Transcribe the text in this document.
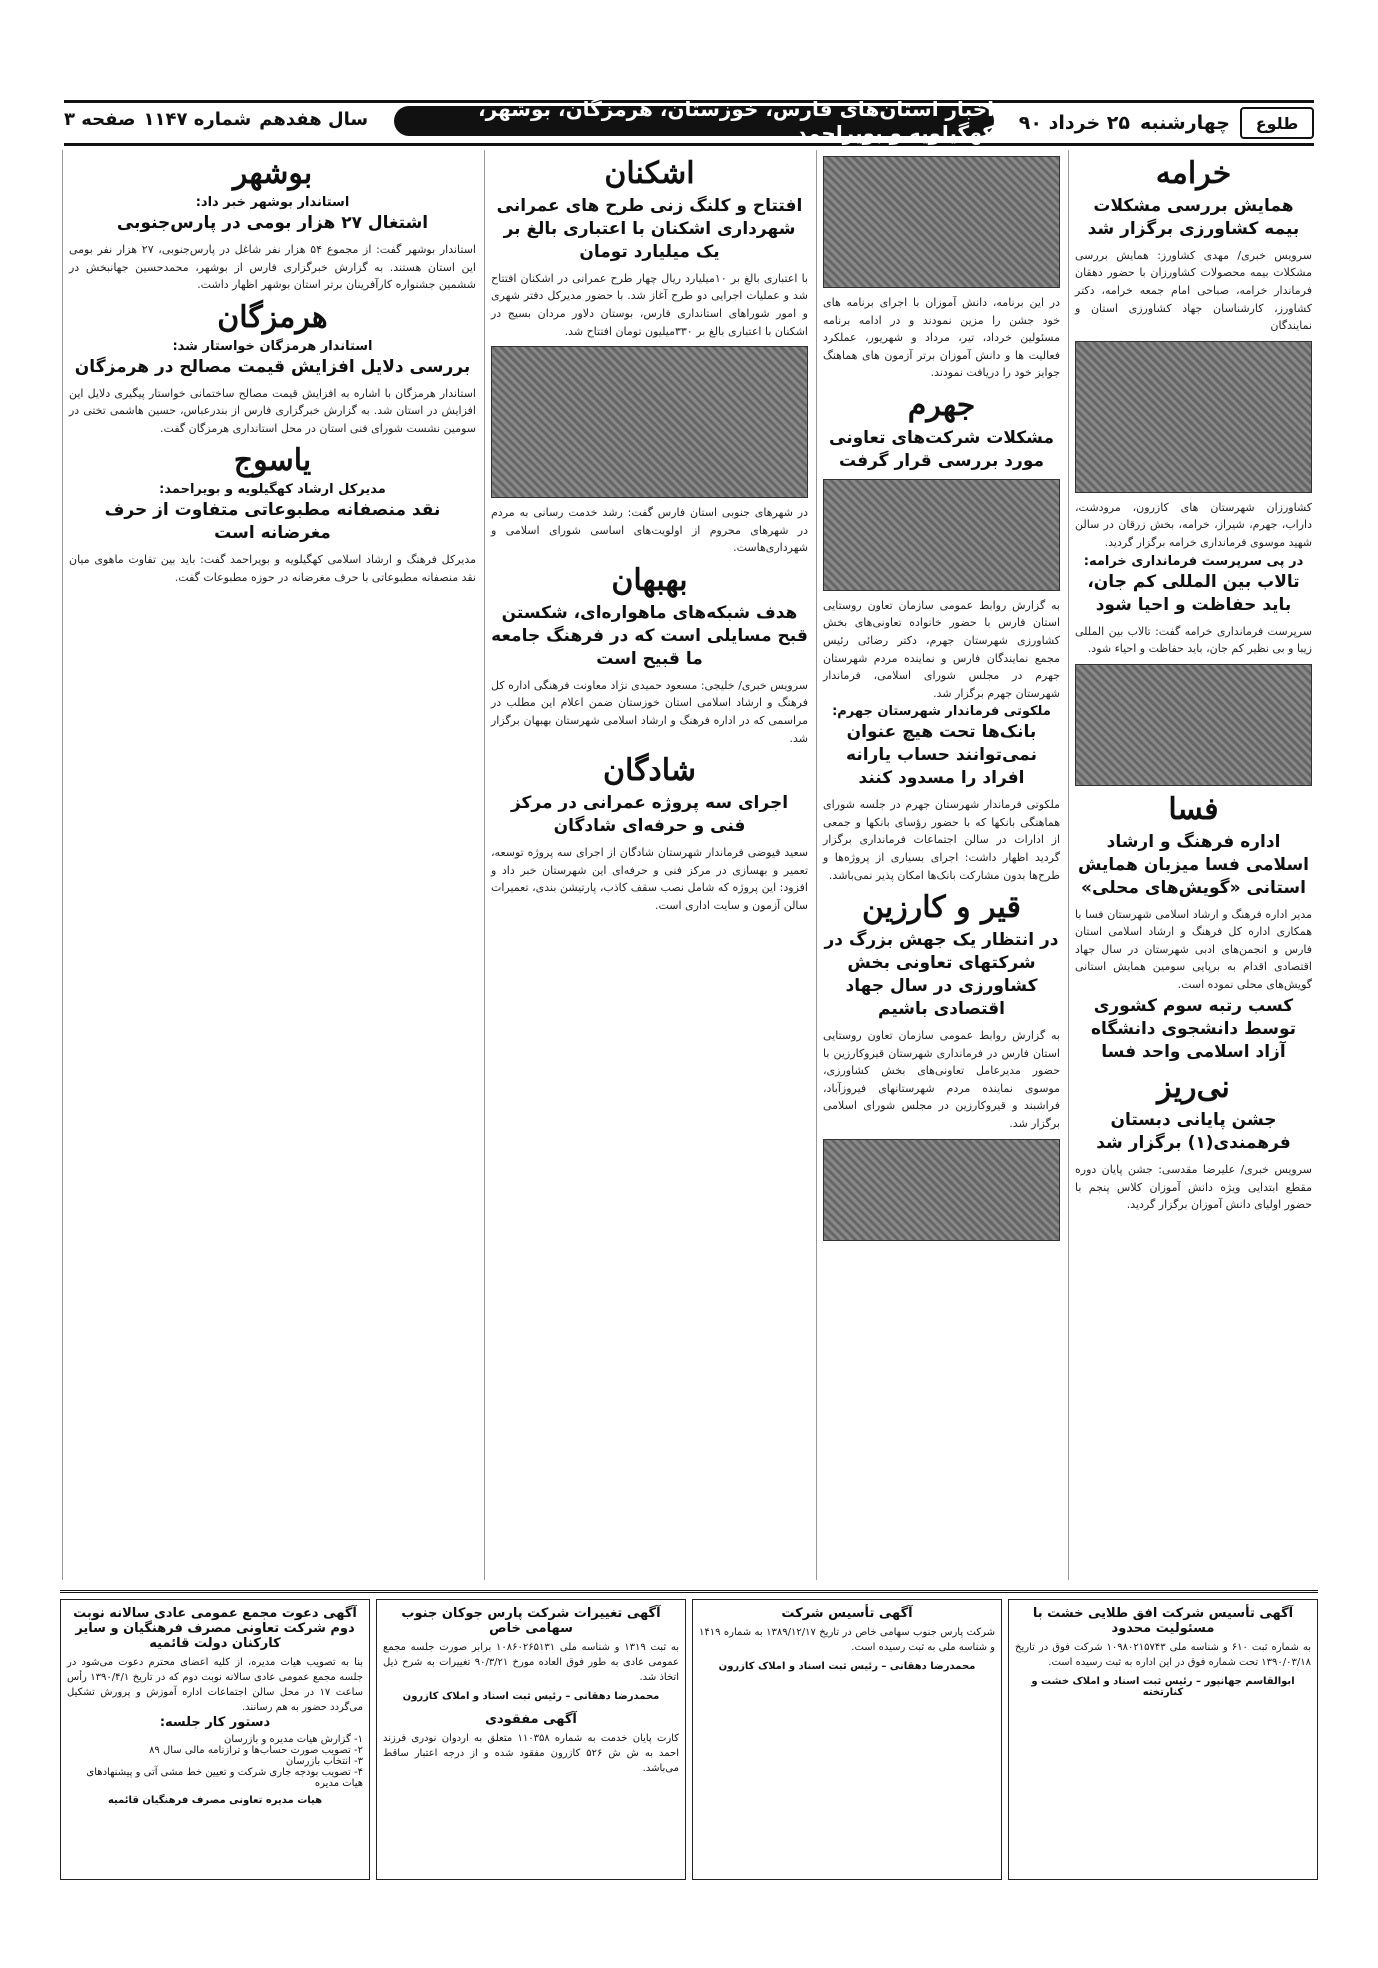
طلوع
چهارشنبه
۲۵ خرداد ۹۰
اخبار استان‌های فارس، خوزستان، هرمزگان، بوشهر، کهگیلویه و بویراحمد
سال هفدهم
شماره ۱۱۴۷
صفحه ۳
خرامه
همایش بررسی مشکلات بیمه کشاورزی برگزار شد
سرویس خبری/ مهدی کشاورز: همایش بررسی مشکلات بیمه محصولات کشاورزان با حضور دهقان فرماندار خرامه، صباحی امام جمعه خرامه، دکتر کشاورز، کارشناسان جهاد کشاورزی استان و نمایندگان
کشاورزان شهرستان های کازرون، مرودشت، داراب، جهرم، شیراز، خرامه، بخش زرقان در سالن شهید موسوی فرمانداری خرامه برگزار گردید.
در پی سرپرست فرمانداری خرامه:
تالاب بین المللی کم جان، باید حفاظت و احیا شود
سرپرست فرمانداری خرامه گفت: تالاب بین المللی زیبا و بی نظیر کم جان، باید حفاظت و احیاء شود.
فسا
اداره فرهنگ و ارشاد اسلامی فسا میزبان همایش استانی «گویش‌های محلی»
مدیر اداره فرهنگ و ارشاد اسلامی شهرستان فسا با همکاری اداره کل فرهنگ و ارشاد اسلامی استان فارس و انجمن‌های ادبی شهرستان در سال جهاد اقتصادی اقدام به برپایی سومین همایش استانی گویش‌های محلی نموده است.
کسب رتبه سوم کشوری توسط دانشجوی دانشگاه آزاد اسلامی واحد فسا
نی‌ریز
جشن پایانی دبستان فرهمندی(۱) برگزار شد
سرویس خبری/ علیرضا مقدسی: جشن پایان دوره مقطع ابتدایی ویژه دانش آموزان کلاس پنجم با حضور اولیای دانش آموزان برگزار گردید.
در این برنامه، دانش آموزان با اجرای برنامه های خود جشن را مزین نمودند و در ادامه برنامه مسئولین خرداد، تیر، مرداد و شهریور، عملکرد فعالیت ها و دانش آموزان برتر آزمون های هماهنگ جوایز خود را دریافت نمودند.
جهرم
مشکلات شرکت‌های تعاونی مورد بررسی قرار گرفت
به گزارش روابط عمومی سازمان تعاون روستایی استان فارس با حضور خانواده تعاونی‌های بخش کشاورزی شهرستان جهرم، دکتر رضائی رئیس مجمع نمایندگان فارس و نماینده مردم شهرستان جهرم در مجلس شورای اسلامی، فرماندار شهرستان جهرم برگزار شد.
ملکوتی فرماندار شهرستان جهرم:
بانک‌ها تحت هیچ عنوان نمی‌توانند حساب یارانه افراد را مسدود کنند
ملکوتی فرماندار شهرستان جهرم در جلسه شورای هماهنگی بانکها که با حضور رؤسای بانکها و جمعی از ادارات در سالن اجتماعات فرمانداری برگزار گردید اظهار داشت: اجرای بسیاری از پروژه‌ها و طرح‌ها بدون مشارکت بانک‌ها امکان پذیر نمی‌باشد.
قیر و کارزین
در انتظار یک جهش بزرگ در شرکتهای تعاونی بخش کشاورزی در سال جهاد اقتصادی باشیم
به گزارش روابط عمومی سازمان تعاون روستایی استان فارس در فرمانداری شهرستان قیروکارزین با حضور مدیرعامل تعاونی‌های بخش کشاورزی، موسوی نماینده مردم شهرستانهای فیروزآباد، فراشبند و قیروکارزین در مجلس شورای اسلامی برگزار شد.
اشکنان
افتتاح و کلنگ زنی طرح های عمرانی شهرداری اشکنان با اعتباری بالغ بر یک میلیارد تومان
با اعتباری بالغ بر ۱۰میلیارد ریال چهار طرح عمرانی در اشکنان افتتاح شد و عملیات اجرایی دو طرح آغاز شد. با حضور مدیرکل دفتر شهری و امور شوراهای استانداری فارس، بوستان دلاور مردان بسیج در اشکنان با اعتباری بالغ بر ۳۳۰میلیون تومان افتتاح شد.
در شهرهای جنوبی استان فارس گفت: رشد خدمت رسانی به مردم در شهرهای محروم از اولویت‌های اساسی شورای اسلامی و شهرداری‌هاست.
بهبهان
هدف شبکه‌های ماهواره‌ای، شکستن قبح مسایلی است که در فرهنگ جامعه ما قبیح است
سرویس خبری/ خلیجی: مسعود حمیدی نژاد معاونت فرهنگی اداره کل فرهنگ و ارشاد اسلامی استان خوزستان ضمن اعلام این مطلب در مراسمی که در اداره فرهنگ و ارشاد اسلامی شهرستان بهبهان برگزار شد.
شادگان
اجرای سه پروژه عمرانی در مرکز فنی و حرفه‌ای شادگان
سعید فیوضی فرماندار شهرستان شادگان از اجرای سه پروژه توسعه، تعمیر و بهسازی در مرکز فنی و حرفه‌ای این شهرستان خبر داد و افزود: این پروژه که شامل نصب سقف کاذب، پارتیشن بندی، تعمیرات سالن آزمون و سایت اداری است.
بوشهر
استاندار بوشهر خبر داد:
اشتغال ۲۷ هزار بومی در پارس‌جنوبی
استاندار بوشهر گفت: از مجموع ۵۴ هزار نفر شاغل در پارس‌جنوبی، ۲۷ هزار نفر بومی این استان هستند. به گزارش خبرگزاری فارس از بوشهر، محمدحسین جهانبخش در ششمین جشنواره کارآفرینان برتر استان بوشهر اظهار داشت.
هرمزگان
استاندار هرمزگان خواستار شد:
بررسی دلایل افزایش قیمت مصالح در هرمزگان
استاندار هرمزگان با اشاره به افزایش قیمت مصالح ساختمانی خواستار پیگیری دلایل این افزایش در استان شد. به گزارش خبرگزاری فارس از بندرعباس، حسین هاشمی تختی در سومین نشست شورای فنی استان در محل استانداری هرمزگان گفت.
یاسوج
مدیرکل ارشاد کهگیلویه و بویراحمد:
نقد منصفانه مطبوعاتی متفاوت از حرف مغرضانه است
مدیرکل فرهنگ و ارشاد اسلامی کهگیلویه و بویراحمد گفت: باید بین تفاوت ماهوی میان نقد منصفانه مطبوعاتی با حرف مغرضانه در حوزه مطبوعات گفت.
آگهی تأسیس شرکت افق طلایی خشت با مسئولیت محدود
به شماره ثبت ۶۱۰ و شناسه ملی ۱۰۹۸۰۲۱۵۷۴۳ شرکت فوق در تاریخ ۱۳۹۰/۰۳/۱۸ تحت شماره فوق در این اداره به ثبت رسیده است.
ابوالقاسم جهانپور – رئیس ثبت اسناد و املاک خشت و کنارتخته
آگهی تأسیس شرکت
شرکت پارس جنوب سهامی خاص در تاریخ ۱۳۸۹/۱۲/۱۷ به شماره ۱۴۱۹ و شناسه ملی به ثبت رسیده است.
محمدرضا دهقانی – رئیس ثبت اسناد و املاک کازرون
آگهی تغییرات شرکت پارس جوکان جنوب سهامی خاص
به ثبت ۱۳۱۹ و شناسه ملی ۱۰۸۶۰۲۶۵۱۳۱ برابر صورت جلسه مجمع عمومی عادی به طور فوق العاده مورخ ۹۰/۳/۲۱ تغییرات به شرح ذیل اتخاذ شد.
محمدرضا دهقانی – رئیس ثبت اسناد و املاک کازرون
آگهی مفقودی
کارت پایان خدمت به شماره ۱۱۰۳۵۸ متعلق به اردوان نودری فرزند احمد به ش ش ۵۲۶ کازرون مفقود شده و از درجه اعتبار ساقط می‌باشد.
آگهی دعوت مجمع عمومی عادی سالانه نوبت دوم شرکت تعاونی مصرف فرهنگیان و سایر کارکنان دولت قائمیه
بنا به تصویب هیات مدیره، از کلیه اعضای محترم دعوت می‌شود در جلسه مجمع عمومی عادی سالانه نوبت دوم که در تاریخ ۱۳۹۰/۴/۱ رأس ساعت ۱۷ در محل سالن اجتماعات اداره آموزش و پرورش تشکیل می‌گردد حضور به هم رسانند.
دستور کار جلسه:
۱- گزارش هیات مدیره و بازرسان
۲- تصویب صورت حساب‌ها و ترازنامه مالی سال ۸۹
۳- انتخاب بازرسان
۴- تصویب بودجه جاری شرکت و تعیین خط مشی آتی و پیشنهادهای هیات مدیره
هیات مدیره تعاونی مصرف فرهنگیان قائمیه
